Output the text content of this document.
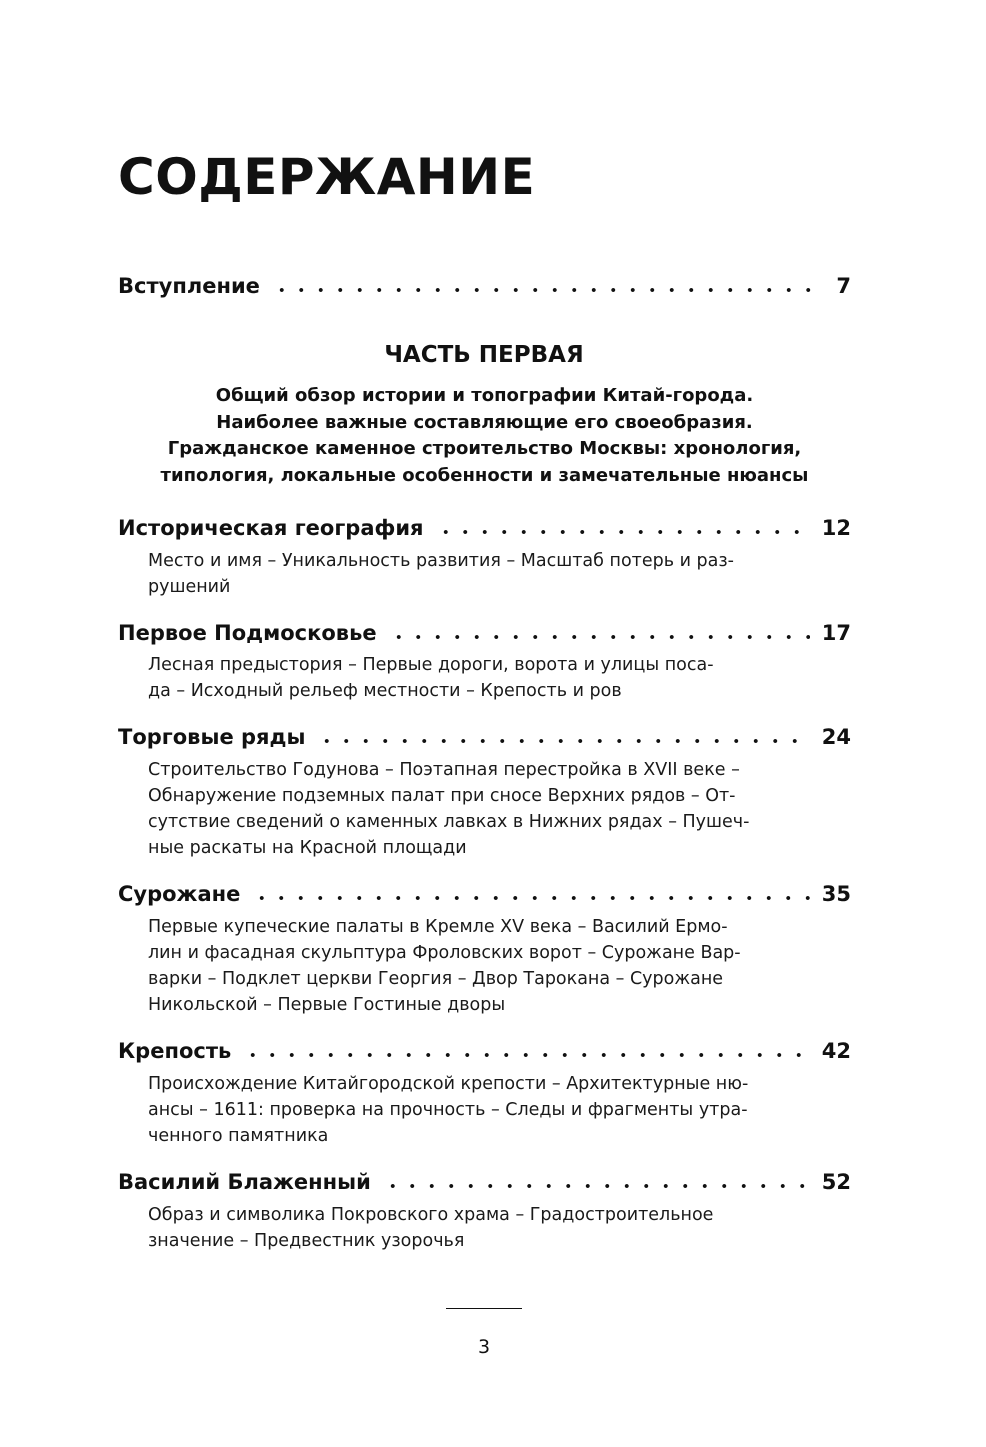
СОДЕРЖАНИЕ
Вступление	7
ЧАСТЬ ПЕРВАЯ
Общий обзор истории и топографии Китай-города.
Наиболее важные составляющие его своеобразия.
Гражданское каменное строительство Москвы: хронология,
типология, локальные особенности и замечательные нюансы
Историческая география	12
Место и имя – Уникальность развития – Масштаб потерь и раз-
рушений
Первое Подмосковье	17
Лесная предыстория – Первые дороги, ворота и улицы поса-
да – Исходный рельеф местности – Крепость и ров
Торговые ряды	24
Строительство Годунова – Поэтапная перестройка в XVII веке –
Обнаружение подземных палат при сносе Верхних рядов – От-
сутствие сведений о каменных лавках в Нижних рядах – Пушеч-
ные раскаты на Красной площади
Сурожане	35
Первые купеческие палаты в Кремле XV века – Василий Ермо-
лин и фасадная скульптура Фроловских ворот – Сурожане Вар-
варки – Подклет церкви Георгия – Двор Тарокана – Сурожане
Никольской – Первые Гостиные дворы
Крепость	42
Происхождение Китайгородской крепости – Архитектурные ню-
ансы – 1611: проверка на прочность – Следы и фрагменты утра-
ченного памятника
Василий Блаженный	52
Образ и символика Покровского храма – Градостроительное
значение – Предвестник узорочья
3
